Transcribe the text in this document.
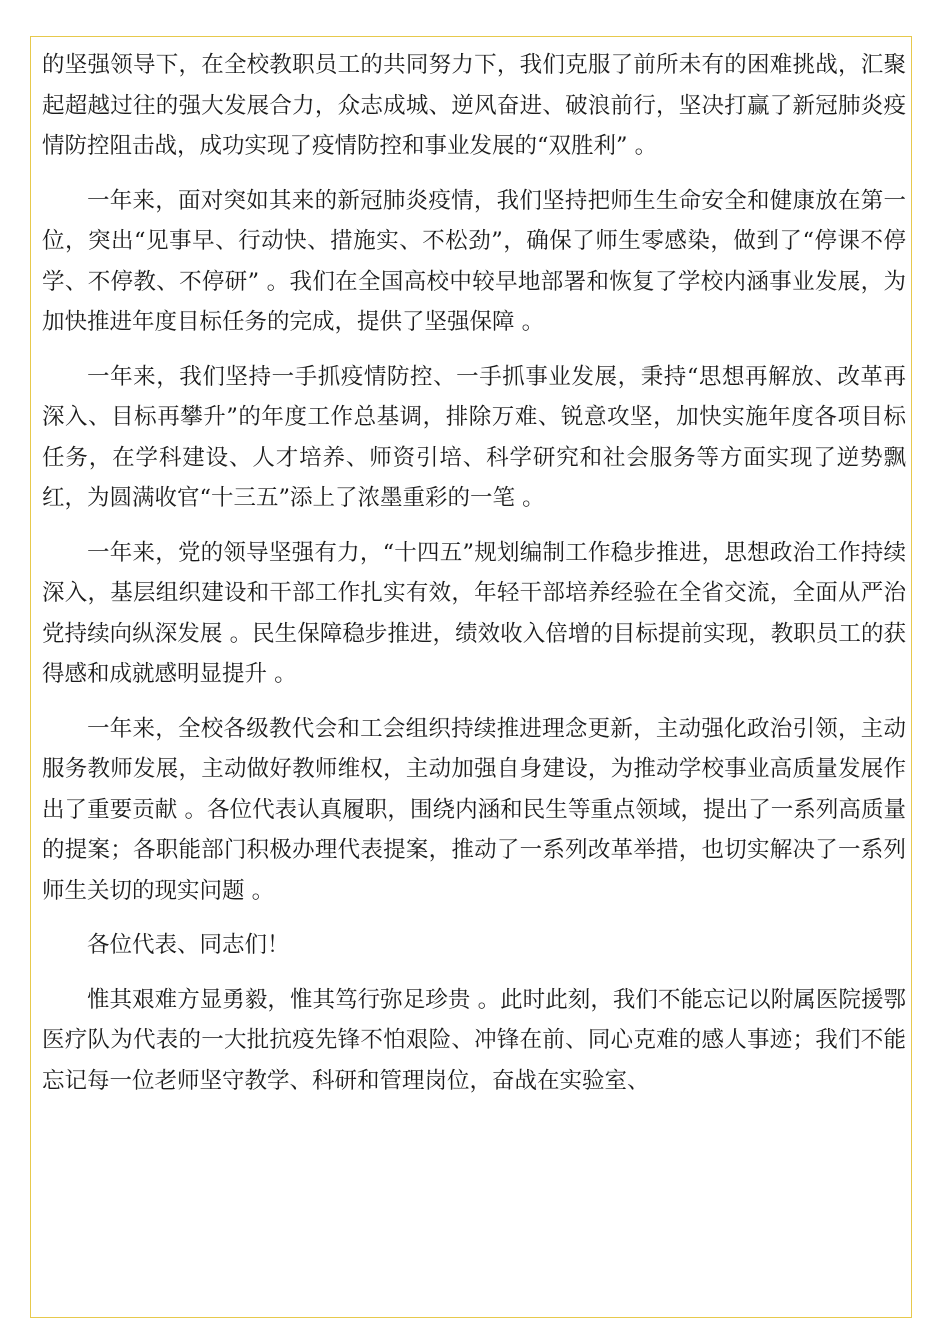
的坚强领导下，在全校教职员工的共同努力下，我们克服了前所未有的困难挑战，汇聚起超越过往的强大发展合力，众志成城、逆风奋进、破浪前行，坚决打赢了新冠肺炎疫情防控阻击战，成功实现了疫情防控和事业发展的“双胜利” 。

一年来，面对突如其来的新冠肺炎疫情，我们坚持把师生生命安全和健康放在第一位，突出“见事早、行动快、措施实、不松劲”，确保了师生零感染，做到了“停课不停学、不停教、不停研” 。我们在全国高校中较早地部署和恢复了学校内涵事业发展，为加快推进年度目标任务的完成，提供了坚强保障 。

一年来，我们坚持一手抓疫情防控、一手抓事业发展，秉持“思想再解放、改革再深入、目标再攀升”的年度工作总基调，排除万难、锐意攻坚，加快实施年度各项目标任务，在学科建设、人才培养、师资引培、科学研究和社会服务等方面实现了逆势飘红，为圆满收官“十三五”添上了浓墨重彩的一笔 。

一年来，党的领导坚强有力，“十四五”规划编制工作稳步推进，思想政治工作持续深入，基层组织建设和干部工作扎实有效，年轻干部培养经验在全省交流，全面从严治党持续向纵深发展 。民生保障稳步推进，绩效收入倍增的目标提前实现，教职员工的获得感和成就感明显提升 。

一年来，全校各级教代会和工会组织持续推进理念更新，主动强化政治引领，主动服务教师发展，主动做好教师维权，主动加强自身建设，为推动学校事业高质量发展作出了重要贡献 。各位代表认真履职，围绕内涵和民生等重点领域，提出了一系列高质量的提案；各职能部门积极办理代表提案，推动了一系列改革举措，也切实解决了一系列师生关切的现实问题 。

各位代表、同志们！

惟其艰难方显勇毅，惟其笃行弥足珍贵 。此时此刻，我们不能忘记以附属医院援鄂医疗队为代表的一大批抗疫先锋不怕艰险、冲锋在前、同心克难的感人事迹；我们不能忘记每一位老师坚守教学、科研和管理岗位，奋战在实验室、
